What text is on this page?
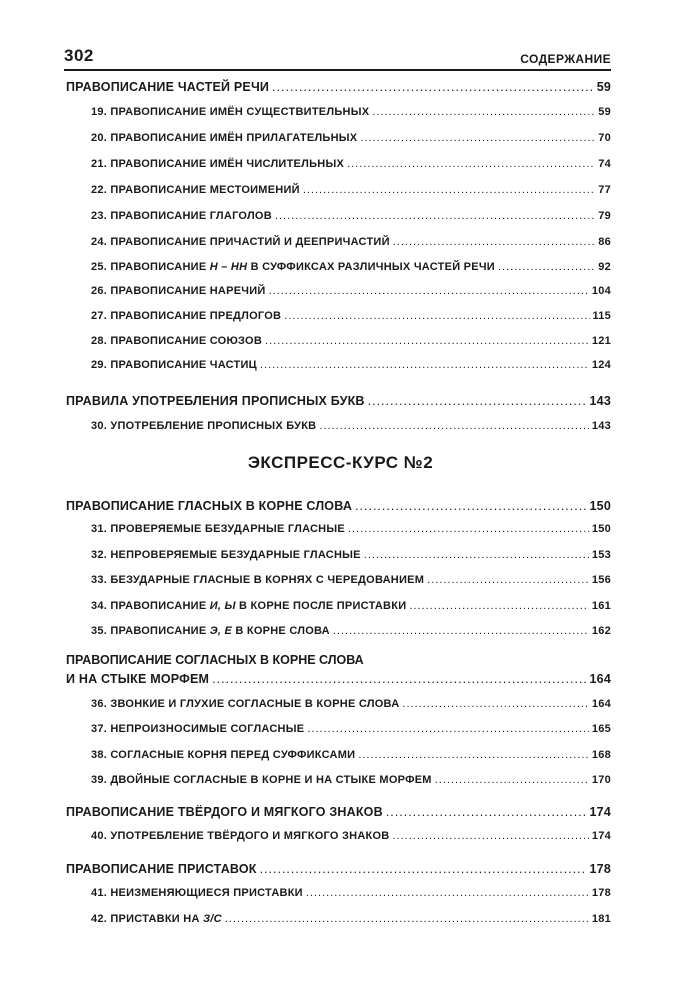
302	СОДЕРЖАНИЕ
ПРАВОПИСАНИЕ ЧАСТЕЙ РЕЧИ .....	59
19. ПРАВОПИСАНИЕ ИМЁН СУЩЕСТВИТЕЛЬНЫХ .....	59
20. ПРАВОПИСАНИЕ ИМЁН ПРИЛАГАТЕЛЬНЫХ .....	70
21. ПРАВОПИСАНИЕ ИМЁН ЧИСЛИТЕЛЬНЫХ .....	74
22. ПРАВОПИСАНИЕ МЕСТОИМЕНИЙ .....	77
23. ПРАВОПИСАНИЕ ГЛАГОЛОВ .....	79
24. ПРАВОПИСАНИЕ ПРИЧАСТИЙ И ДЕЕПРИЧАСТИЙ .....	86
25. ПРАВОПИСАНИЕ Н – НН В СУФФИКСАХ РАЗЛИЧНЫХ ЧАСТЕЙ РЕЧИ .....	92
26. ПРАВОПИСАНИЕ НАРЕЧИЙ .....	104
27. ПРАВОПИСАНИЕ ПРЕДЛОГОВ .....	115
28. ПРАВОПИСАНИЕ СОЮЗОВ .....	121
29. ПРАВОПИСАНИЕ ЧАСТИЦ .....	124
ПРАВИЛА УПОТРЕБЛЕНИЯ ПРОПИСНЫХ БУКВ .....	143
30. УПОТРЕБЛЕНИЕ ПРОПИСНЫХ БУКВ .....	143
ЭКСПРЕСС-КУРС №2
ПРАВОПИСАНИЕ ГЛАСНЫХ В КОРНЕ СЛОВА .....	150
31. ПРОВЕРЯЕМЫЕ БЕЗУДАРНЫЕ ГЛАСНЫЕ .....	150
32. НЕПРОВЕРЯЕМЫЕ БЕЗУДАРНЫЕ ГЛАСНЫЕ .....	153
33. БЕЗУДАРНЫЕ ГЛАСНЫЕ В КОРНЯХ С ЧЕРЕДОВАНИЕМ .....	156
34. ПРАВОПИСАНИЕ И, Ы В КОРНЕ ПОСЛЕ ПРИСТАВКИ .....	161
35. ПРАВОПИСАНИЕ Э, Е В КОРНЕ СЛОВА .....	162
ПРАВОПИСАНИЕ СОГЛАСНЫХ В КОРНЕ СЛОВА
И НА СТЫКЕ МОРФЕМ .....	164
36. ЗВОНКИЕ И ГЛУХИЕ СОГЛАСНЫЕ В КОРНЕ СЛОВА .....	164
37. НЕПРОИЗНОСИМЫЕ СОГЛАСНЫЕ .....	165
38. СОГЛАСНЫЕ КОРНЯ ПЕРЕД СУФФИКСАМИ .....	168
39. ДВОЙНЫЕ СОГЛАСНЫЕ В КОРНЕ И НА СТЫКЕ МОРФЕМ .....	170
ПРАВОПИСАНИЕ ТВЁРДОГО И МЯГКОГО ЗНАКОВ .....	174
40. УПОТРЕБЛЕНИЕ ТВЁРДОГО И МЯГКОГО ЗНАКОВ .....	174
ПРАВОПИСАНИЕ ПРИСТАВОК .....	178
41. НЕИЗМЕНЯЮЩИЕСЯ ПРИСТАВКИ .....	178
42. ПРИСТАВКИ НА З/С .....	181
